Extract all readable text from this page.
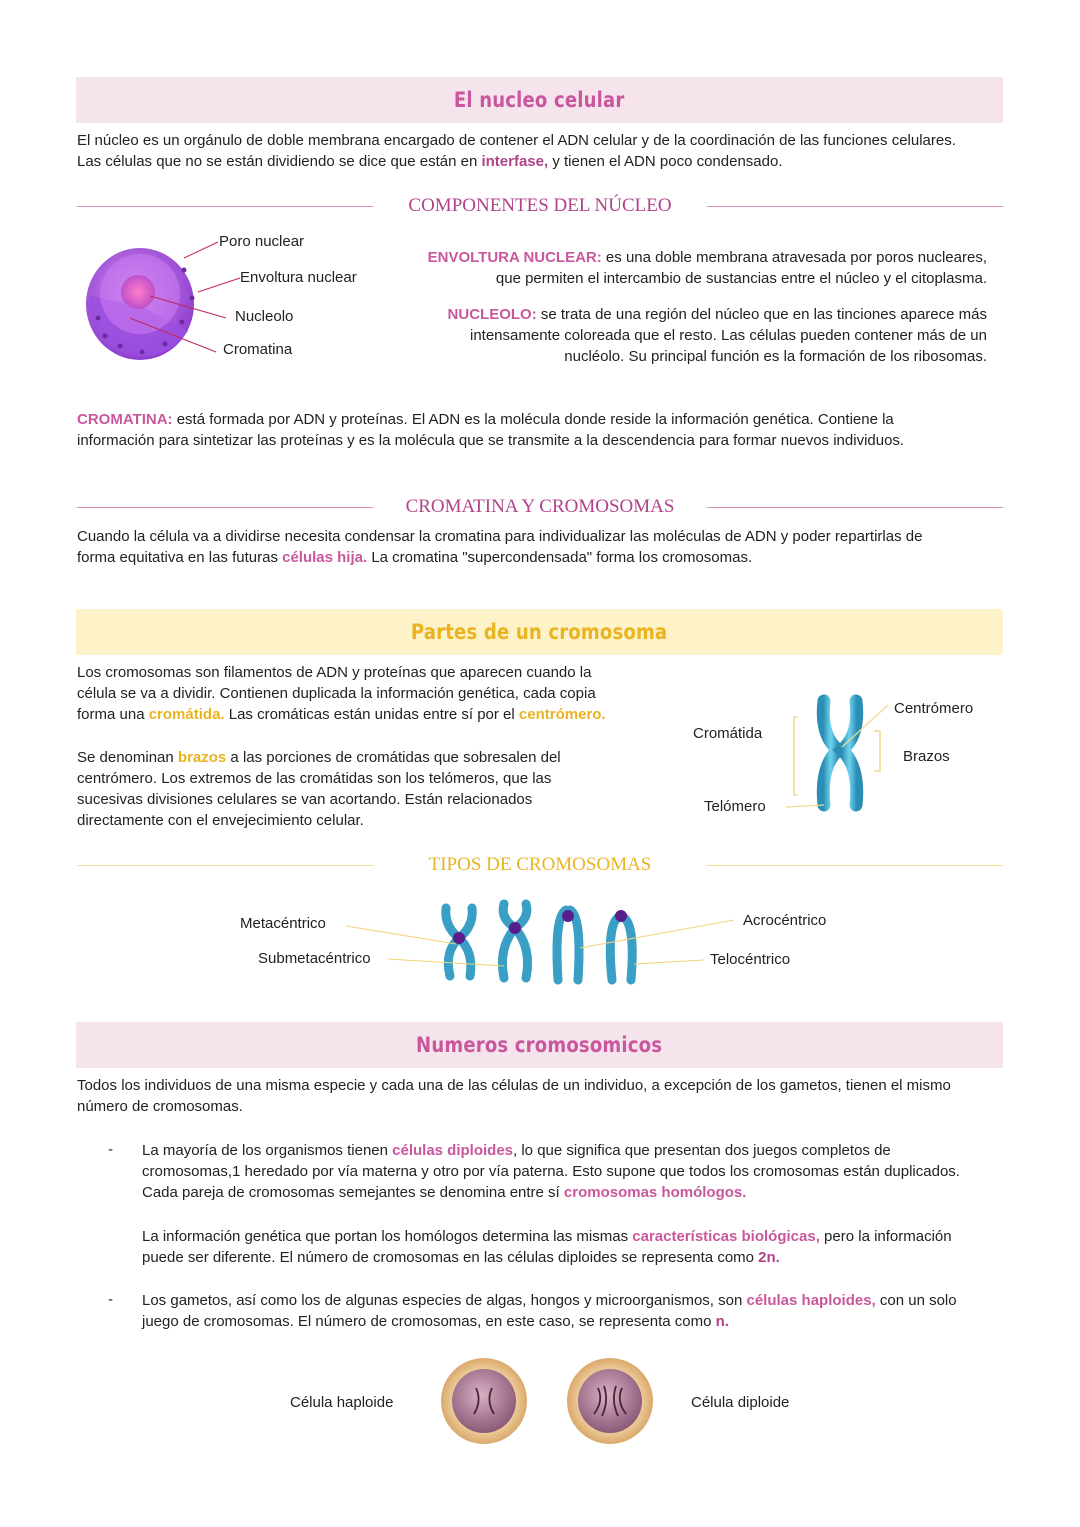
El nucleo celular

El núcleo es un orgánulo de doble membrana encargado de contener el ADN celular y de la coordinación de las funciones celulares.
Las células que no se están dividiendo se dice que están en interfase, y tienen el ADN poco condensado.

COMPONENTES DEL NÚCLEO
Poro nuclear
Envoltura nuclear
Nucleolo
Cromatina

ENVOLTURA NUCLEAR: es una doble membrana atravesada por poros nucleares,
que permiten el intercambio de sustancias entre el núcleo y el citoplasma.

NUCLEOLO: se trata de una región del núcleo que en las tinciones aparece más
intensamente coloreada que el resto. Las células pueden contener más de un
nucléolo. Su principal función es la formación de los ribosomas.

CROMATINA: está formada por ADN y proteínas. El ADN es la molécula donde reside la información genética. Contiene la
información para sintetizar las proteínas y es la molécula que se transmite a la descendencia para formar nuevos individuos.

CROMATINA Y CROMOSOMAS

Cuando la célula va a dividirse necesita condensar la cromatina para individualizar las moléculas de ADN y poder repartirlas de
forma equitativa en las futuras células hija. La cromatina "supercondensada" forma los cromosomas.

Partes de un cromosoma

Los cromosomas son filamentos de ADN y proteínas que aparecen cuando la
célula se va a dividir. Contienen duplicada la información genética, cada copia
forma una cromátida. Las cromáticas están unidas entre sí por el centrómero.

Se denominan brazos a las porciones de cromátidas que sobresalen del
centrómero. Los extremos de las cromátidas son los telómeros, que las
sucesivas divisiones celulares se van acortando. Están relacionados
directamente con el envejecimiento celular.

Centrómero
Cromátida
Brazos
Telómero
TIPOS DE CROMOSOMAS
Metacéntrico
Submetacéntrico
Acrocéntrico
Telocéntrico
Numeros cromosomicos

Todos los individuos de una misma especie y cada una de las células de un individuo, a excepción de los gametos, tienen el mismo
número de cromosomas.

- La mayoría de los organismos tienen células diploides, lo que significa que presentan dos juegos completos de
cromosomas,1 heredado por vía materna y otro por vía paterna. Esto supone que todos los cromosomas están duplicados.
Cada pareja de cromosomas semejantes se denomina entre sí cromosomas homólogos.

La información genética que portan los homólogos determina las mismas características biológicas, pero la información
puede ser diferente. El número de cromosomas en las células diploides se representa como 2n.

- Los gametos, así como los de algunas especies de algas, hongos y microorganismos, son células haploides, con un solo
juego de cromosomas. El número de cromosomas, en este caso, se representa como n.

Célula haploide	Célula diploide
